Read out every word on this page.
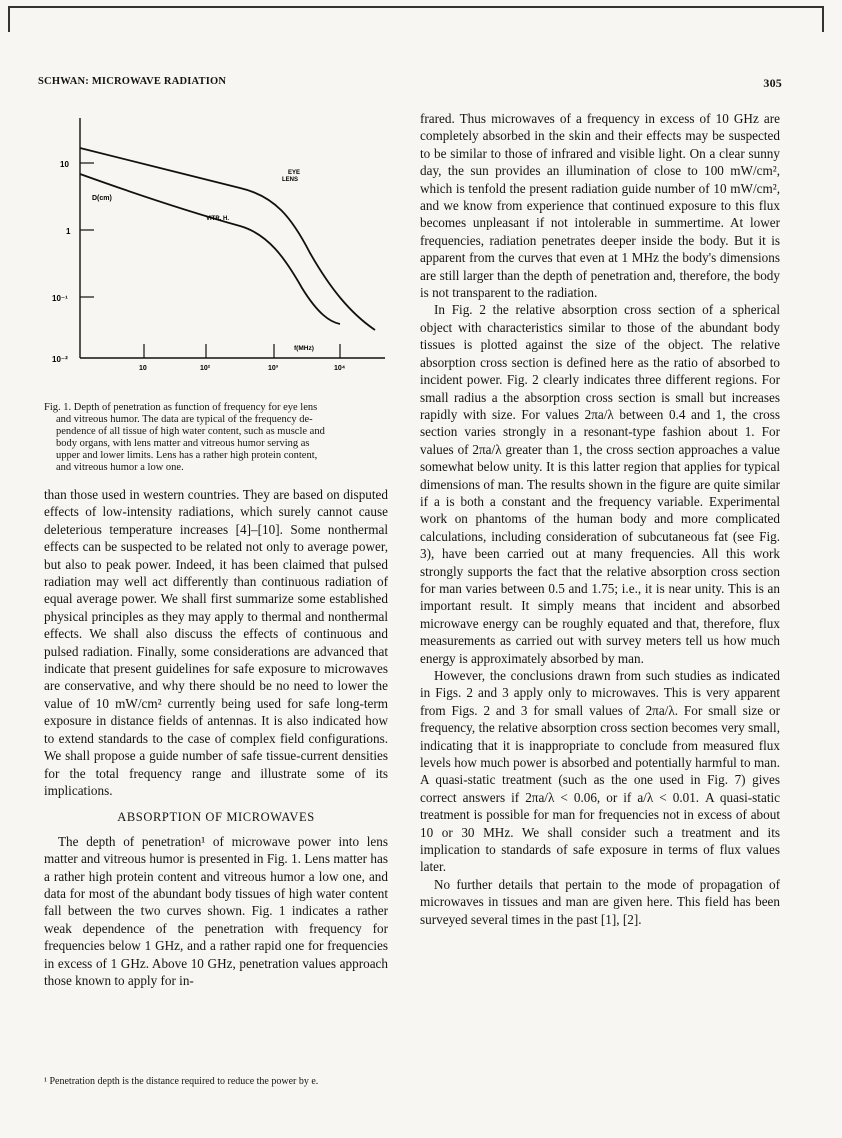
SCHWAN: MICROWAVE RADIATION	305
10
1
10⁻¹
10⁻²
10	10²	10³	10⁴
D(cm)
f(MHz)
EYE LENS
VITR. H.
Fig. 1. Depth of penetration as function of frequency for eye lens
and vitreous humor. The data are typical of the frequency de-
pendence of all tissue of high water content, such as muscle and
body organs, with lens matter and vitreous humor serving as
upper and lower limits. Lens has a rather high protein content,
and vitreous humor a low one.

than those used in western countries. They are based on disputed effects of low-intensity radiations, which surely cannot cause deleterious temperature increases [4]–[10]. Some nonthermal effects can be suspected to be related not only to average power, but also to peak power. Indeed, it has been claimed that pulsed radiation may well act differently than continuous radiation of equal average power. We shall first summarize some established physical principles as they may apply to thermal and nonthermal effects. We shall also discuss the effects of continuous and pulsed radiation. Finally, some considerations are advanced that indicate that present guidelines for safe exposure to microwaves are conservative, and why there should be no need to lower the value of 10 mW/cm² currently being used for safe long-term exposure in distance fields of antennas. It is also indicated how to extend standards to the case of complex field configurations. We shall propose a guide number of safe tissue-current densities for the total frequency range and illustrate some of its implications.

ABSORPTION OF MICROWAVES

The depth of penetration¹ of microwave power into lens matter and vitreous humor is presented in Fig. 1. Lens matter has a rather high protein content and vitreous humor a low one, and data for most of the abundant body tissues of high water content fall between the two curves shown. Fig. 1 indicates a rather weak dependence of the penetration with frequency for frequencies below 1 GHz, and a rather rapid one for frequencies in excess of 1 GHz. Above 10 GHz, penetration values approach those known to apply for in-

¹ Penetration depth is the distance required to reduce the power by e.

frared. Thus microwaves of a frequency in excess of 10 GHz are completely absorbed in the skin and their effects may be suspected to be similar to those of infrared and visible light. On a clear sunny day, the sun provides an illumination of close to 100 mW/cm², which is tenfold the present radiation guide number of 10 mW/cm², and we know from experience that continued exposure to this flux becomes unpleasant if not intolerable in summertime. At lower frequencies, radiation penetrates deeper inside the body. But it is apparent from the curves that even at 1 MHz the body's dimensions are still larger than the depth of penetration and, therefore, the body is not transparent to the radiation.

In Fig. 2 the relative absorption cross section of a spherical object with characteristics similar to those of the abundant body tissues is plotted against the size of the object. The relative absorption cross section is defined here as the ratio of absorbed to incident power. Fig. 2 clearly indicates three different regions. For small radius a the absorption cross section is small but increases rapidly with size. For values 2πa/λ between 0.4 and 1, the cross section varies strongly in a resonant-type fashion about 1. For values of 2πa/λ greater than 1, the cross section approaches a value somewhat below unity. It is this latter region that applies for typical dimensions of man. The results shown in the figure are quite similar if a is both a constant and the frequency variable. Experimental work on phantoms of the human body and more complicated calculations, including consideration of subcutaneous fat (see Fig. 3), have been carried out at many frequencies. All this work strongly supports the fact that the relative absorption cross section for man varies between 0.5 and 1.75; i.e., it is near unity. This is an important result. It simply means that incident and absorbed microwave energy can be roughly equated and that, therefore, flux measurements as carried out with survey meters tell us how much energy is approximately absorbed by man.

However, the conclusions drawn from such studies as indicated in Figs. 2 and 3 apply only to microwaves. This is very apparent from Figs. 2 and 3 for small values of 2πa/λ. For small size or frequency, the relative absorption cross section becomes very small, indicating that it is inappropriate to conclude from measured flux levels how much power is absorbed and potentially harmful to man. A quasi-static treatment (such as the one used in Fig. 7) gives correct answers if 2πa/λ < 0.06, or if a/λ < 0.01. A quasi-static treatment is possible for man for frequencies not in excess of about 10 or 30 MHz. We shall consider such a treatment and its implication to standards of safe exposure in terms of flux values later.

No further details that pertain to the mode of propagation of microwaves in tissues and man are given here. This field has been surveyed several times in the past [1], [2].
